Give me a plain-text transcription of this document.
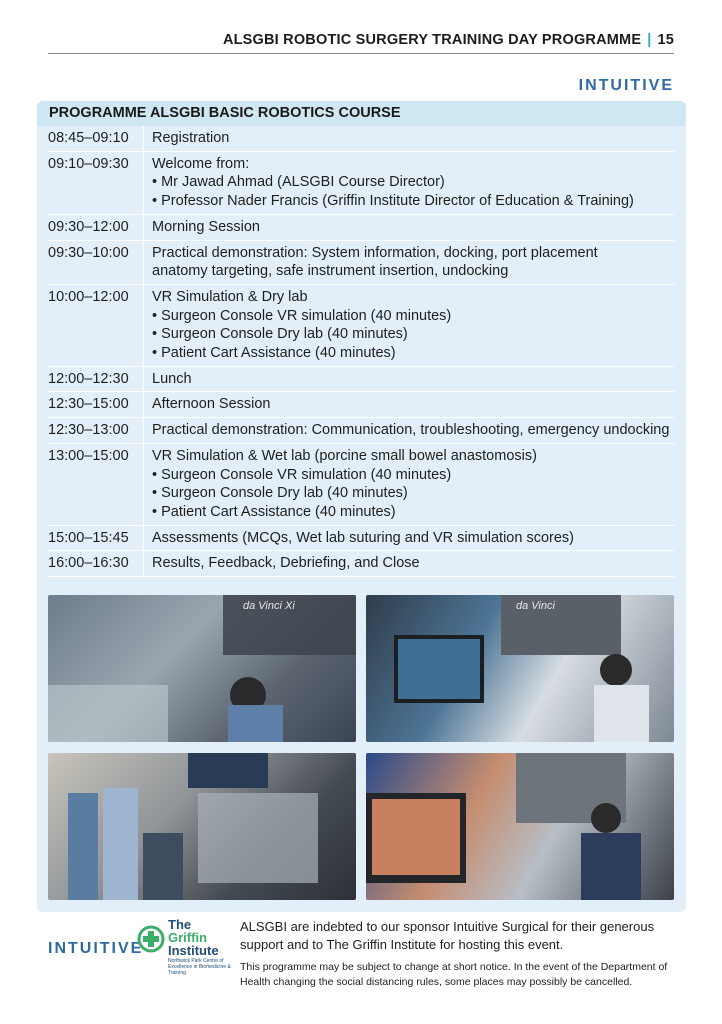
ALSGBI ROBOTIC SURGERY TRAINING DAY PROGRAMME | 15
INTUITIVE
PROGRAMME ALSGBI BASIC ROBOTICS COURSE
08:45–09:10	Registration

09:10–09:30	Welcome from:
• Mr Jawad Ahmad (ALSGBI Course Director)
• Professor Nader Francis (Griffin Institute Director of Education & Training)

09:30–12:00	Morning Session

09:30–10:00	Practical demonstration: System information, docking, port placement
anatomy targeting, safe instrument insertion, undocking

10:00–12:00	VR Simulation & Dry lab
• Surgeon Console VR simulation (40 minutes)
• Surgeon Console Dry lab (40 minutes)
• Patient Cart Assistance (40 minutes)

12:00–12:30	Lunch

12:30–15:00	Afternoon Session

12:30–13:00	Practical demonstration: Communication, troubleshooting, emergency undocking

13:00–15:00	VR Simulation & Wet lab (porcine small bowel anastomosis)
• Surgeon Console VR simulation (40 minutes)
• Surgeon Console Dry lab (40 minutes)
• Patient Cart Assistance (40 minutes)

15:00–15:45	Assessments (MCQs, Wet lab suturing and VR simulation scores)

16:00–16:30	Results, Feedback, Debriefing, and Close
da Vinci Xi	da Vinci
INTUITIVE
The
Griffin
Institute
Northwick Park Centre of Excellence in Biomedicine & Training
ALSGBI are indebted to our sponsor Intuitive Surgical for their generous support and to The Griffin Institute for hosting this event.
This programme may be subject to change at short notice. In the event of the Department of Health changing the social distancing rules, some places may possibly be cancelled.
